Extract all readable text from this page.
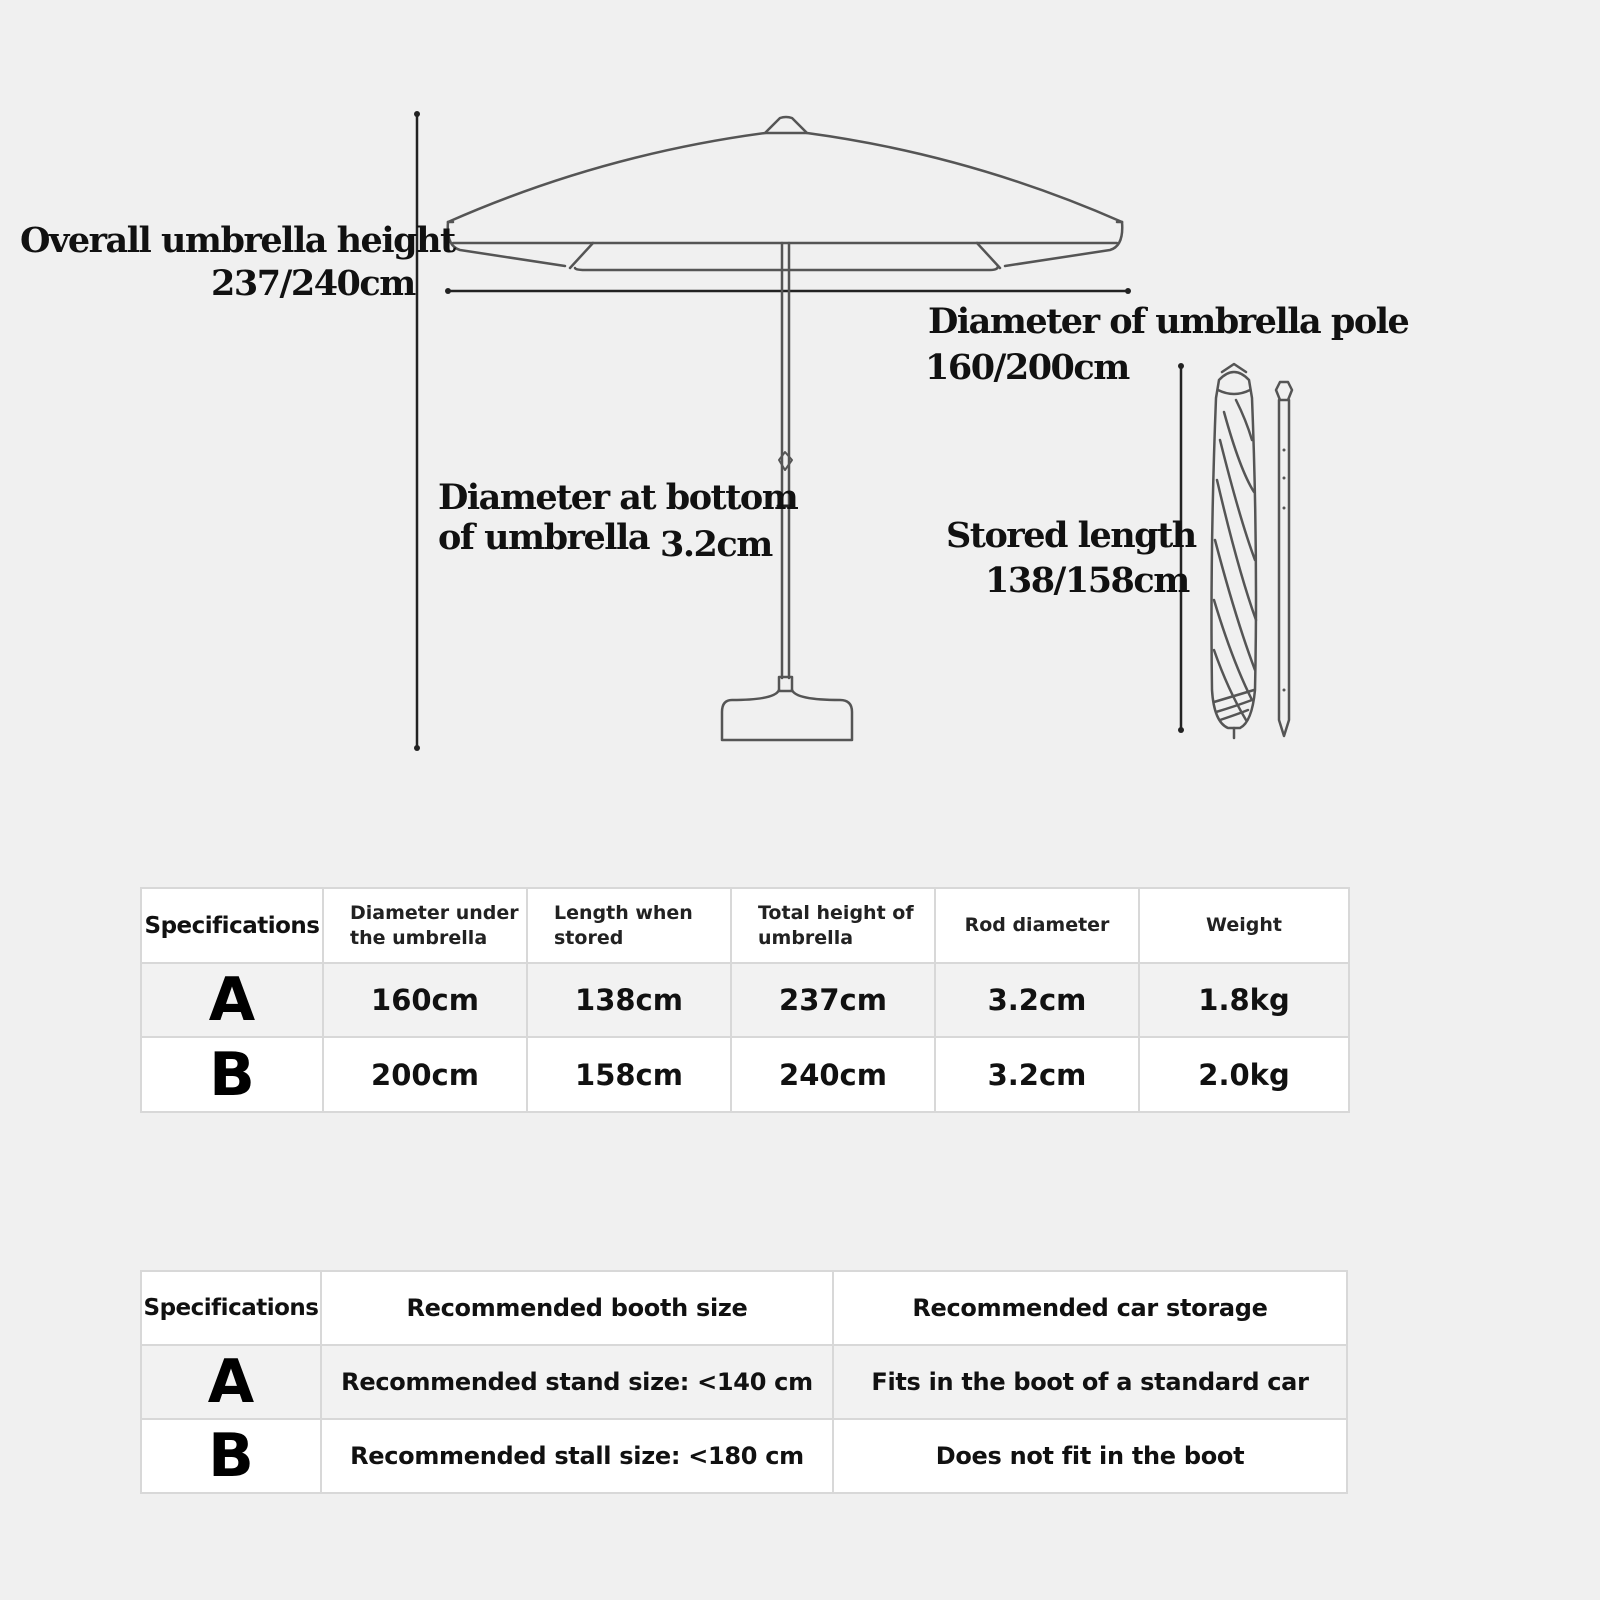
Overall umbrella height
237/240cm
Diameter of umbrella pole
160/200cm
Diameter at bottom
of umbrella 3.2cm	Stored length
138/158cm
Specifications	Diameter under the umbrella	Length when stored	Total height of umbrella	Rod diameter	Weight
A	160cm	138cm	237cm	3.2cm	1.8kg
B	200cm	158cm	240cm	3.2cm	2.0kg
Specifications	Recommended booth size	Recommended car storage
A	Recommended stand size: <140 cm	Fits in the boot of a standard car
B	Recommended stall size: <180 cm	Does not fit in the boot
